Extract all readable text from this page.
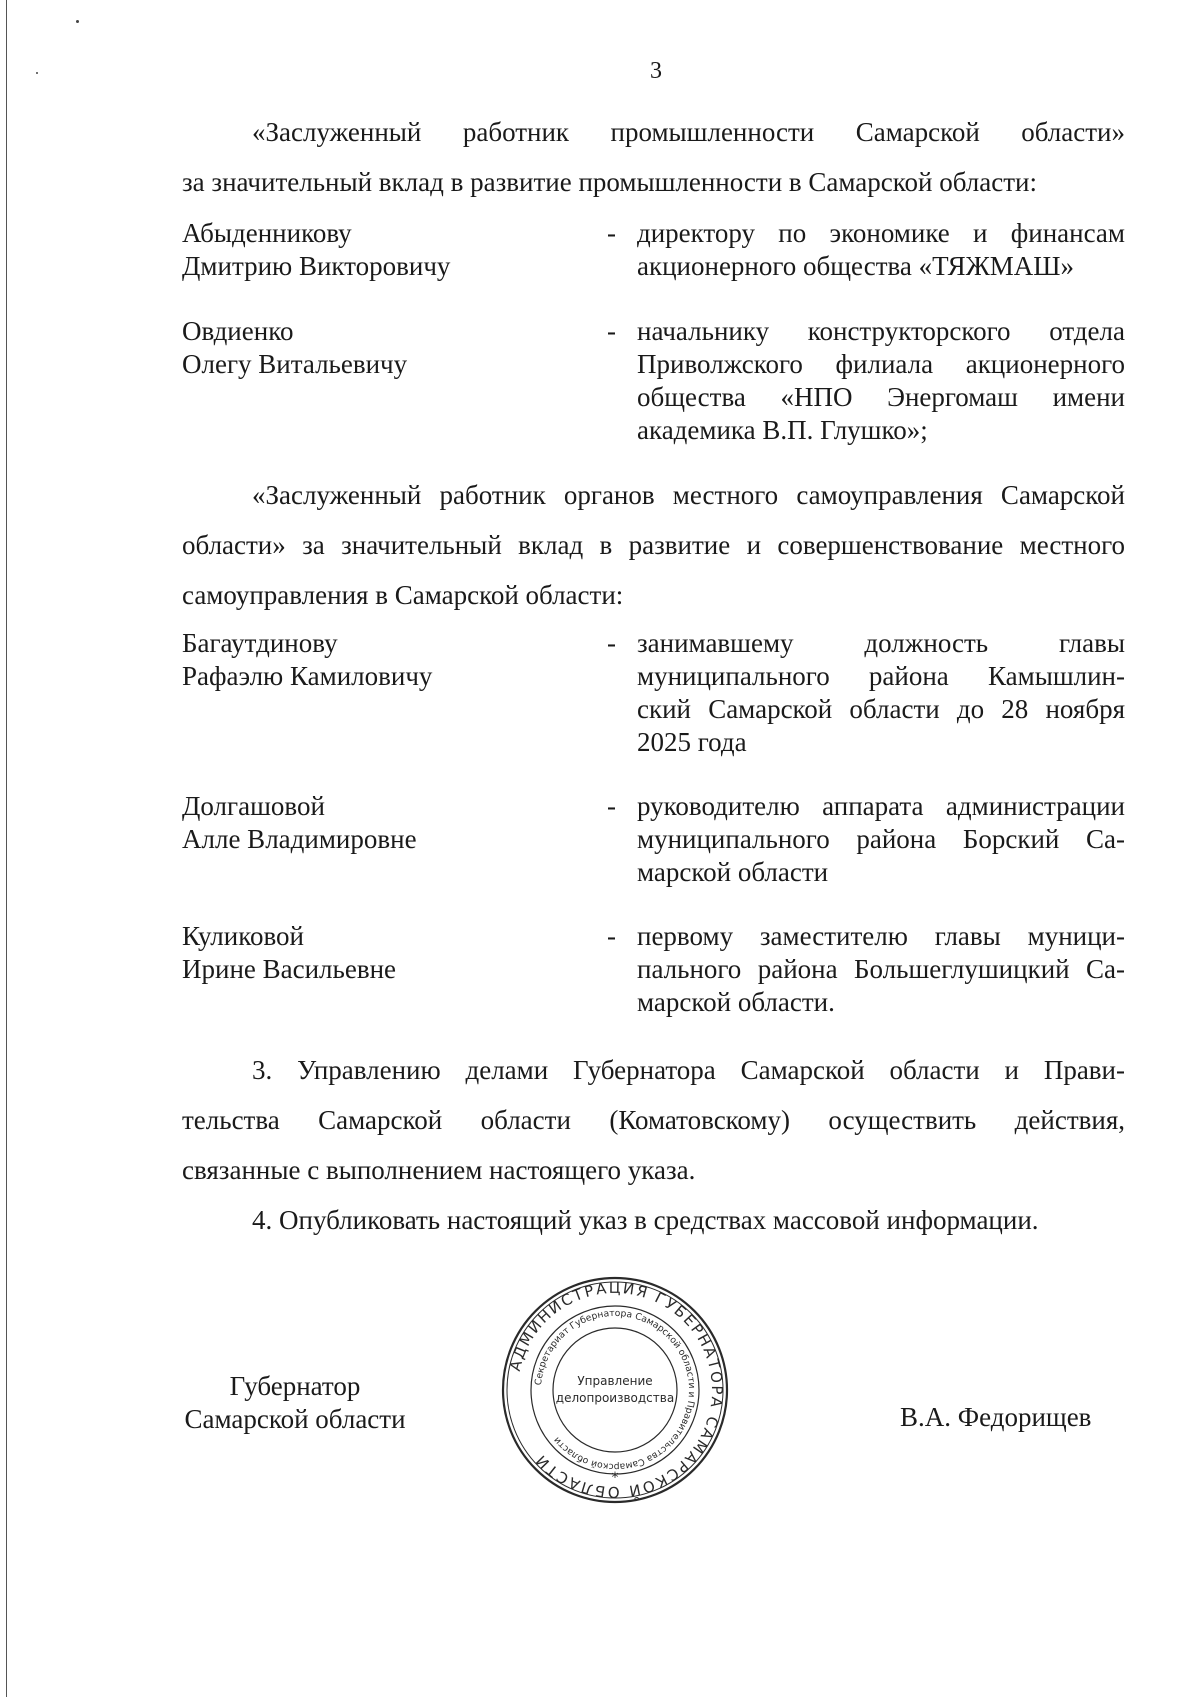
3
«Заслуженный работник промышленности Самарской области»
за значительный вклад в развитие промышленности в Самарской области:
Абыденникову
Дмитрию Викторовичу
- директору по экономике и финансам
акционерного общества «ТЯЖМАШ»
Овдиенко
Олегу Витальевичу
- начальнику конструкторского отдела
Приволжского филиала акционерного
общества «НПО Энергомаш имени
академика В.П. Глушко»;
«Заслуженный работник органов местного самоуправления Самарской
области» за значительный вклад в развитие и совершенствование местного
самоуправления в Самарской области:
Багаутдинову
Рафаэлю Камиловичу
- занимавшему должность главы
муниципального района Камышлин-
ский Самарской области до 28 ноября
2025 года
Долгашовой
Алле Владимировне
- руководителю аппарата администрации
муниципального района Борский Са-
марской области
Куликовой
Ирине Васильевне
- первому заместителю главы муници-
пального района Большеглушицкий Са-
марской области.
3. Управлению делами Губернатора Самарской области и Прави-
тельства Самарской области (Коматовскому) осуществить действия,
связанные с выполнением настоящего указа.
4. Опубликовать настоящий указ в средствах массовой информации.
Губернатор
Самарской области
АДМИНИСТРАЦИЯ ГУБЕРНАТОРА САМАРСКОЙ ОБЛАСТИ
Секретариат Губернатора Самарской области и Правительства Самарской области
Управление
делопроизводства
*
В.А. Федорищев
